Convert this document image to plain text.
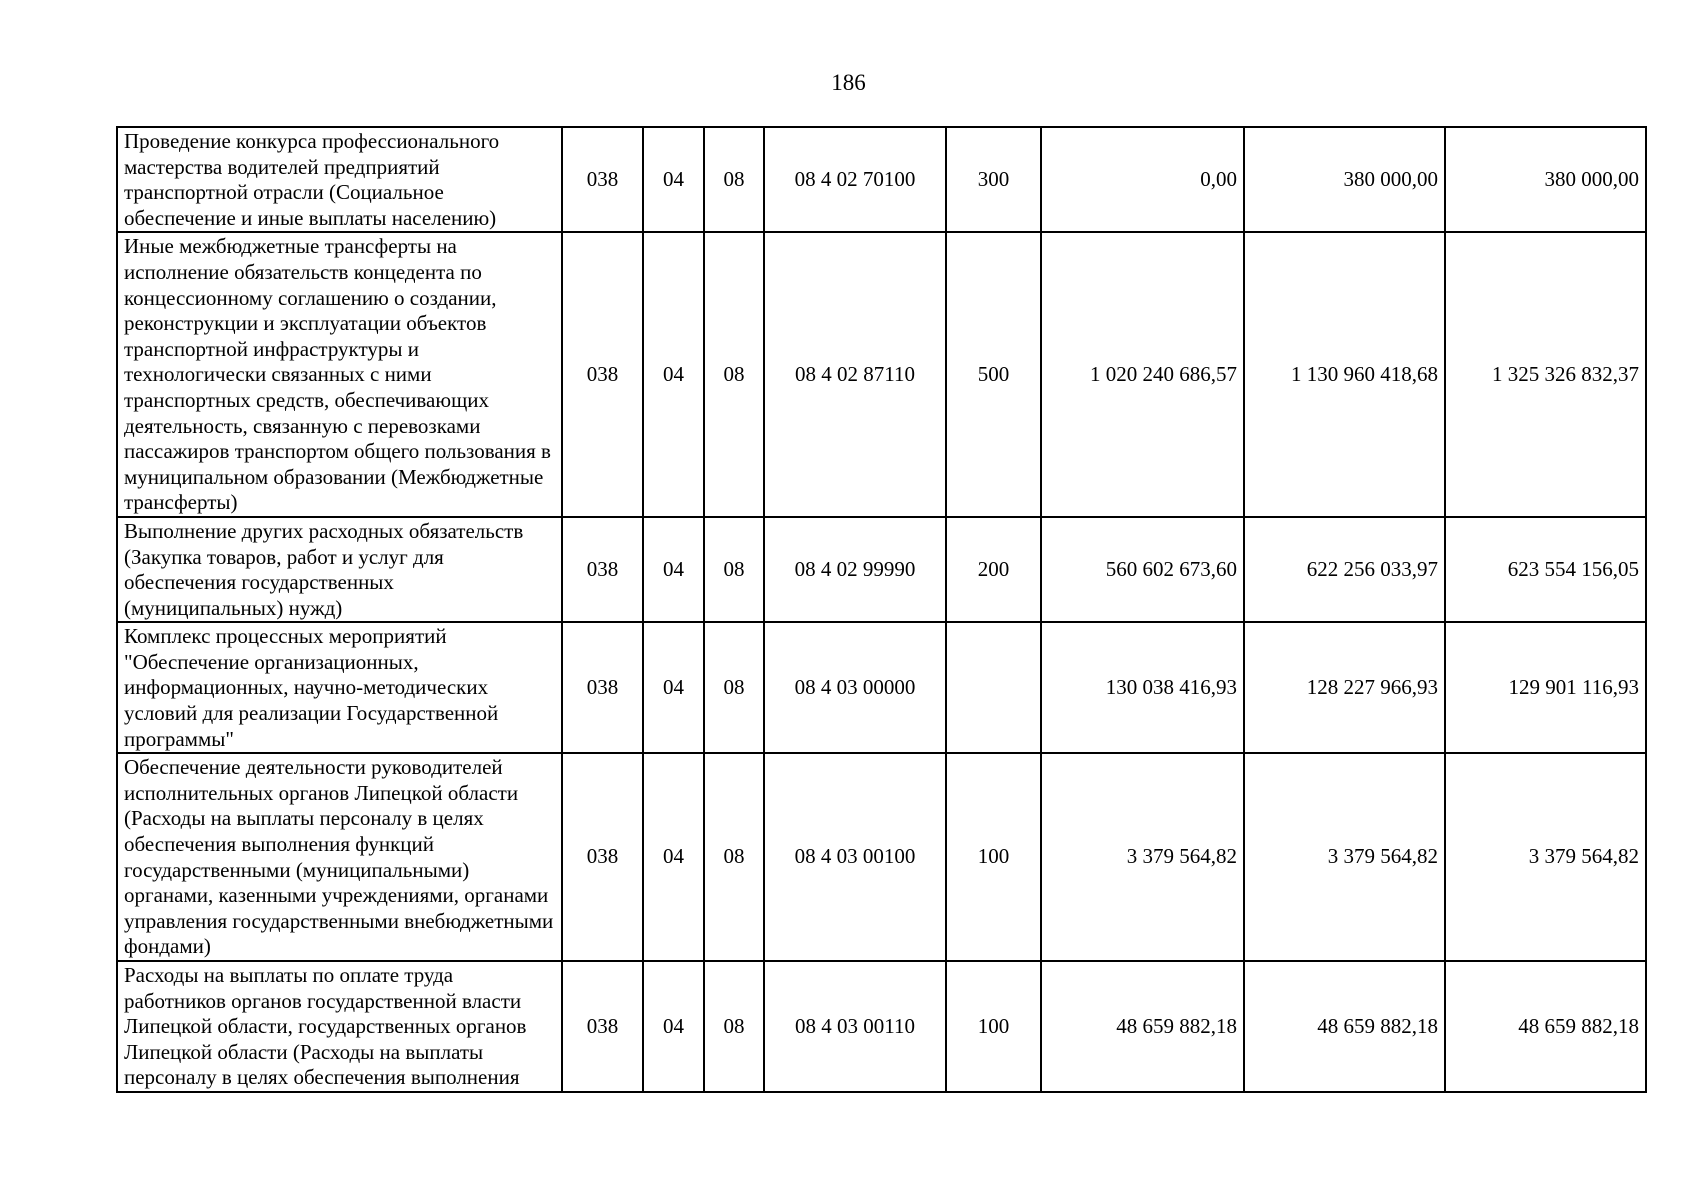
186
Проведение конкурса профессионального мастерства водителей предприятий транспортной отрасли (Социальное обеспечение и иные выплаты населению)	038	04	08	08 4 02 70100	300	0,00	380 000,00	380 000,00

Иные межбюджетные трансферты на исполнение обязательств концедента по концессионному соглашению о создании, реконструкции и эксплуатации объектов транспортной инфраструктуры и технологически связанных с ними транспортных средств, обеспечивающих деятельность, связанную с перевозками пассажиров транспортом общего пользования в муниципальном образовании (Межбюджетные трансферты)	038	04	08	08 4 02 87110	500	1 020 240 686,57	1 130 960 418,68	1 325 326 832,37

Выполнение других расходных обязательств (Закупка товаров, работ и услуг для обеспечения государственных (муниципальных) нужд)	038	04	08	08 4 02 99990	200	560 602 673,60	622 256 033,97	623 554 156,05

Комплекс процессных мероприятий "Обеспечение организационных, информационных, научно-методических условий для реализации Государственной программы"	038	04	08	08 4 03 00000		130 038 416,93	128 227 966,93	129 901 116,93

Обеспечение деятельности руководителей исполнительных органов Липецкой области (Расходы на выплаты персоналу в целях обеспечения выполнения функций государственными (муниципальными) органами, казенными учреждениями, органами управления государственными внебюджетными фондами)	038	04	08	08 4 03 00100	100	3 379 564,82	3 379 564,82	3 379 564,82

Расходы на выплаты по оплате труда работников органов государственной власти Липецкой области, государственных органов Липецкой области (Расходы на выплаты персоналу в целях обеспечения выполнения	038	04	08	08 4 03 00110	100	48 659 882,18	48 659 882,18	48 659 882,18
